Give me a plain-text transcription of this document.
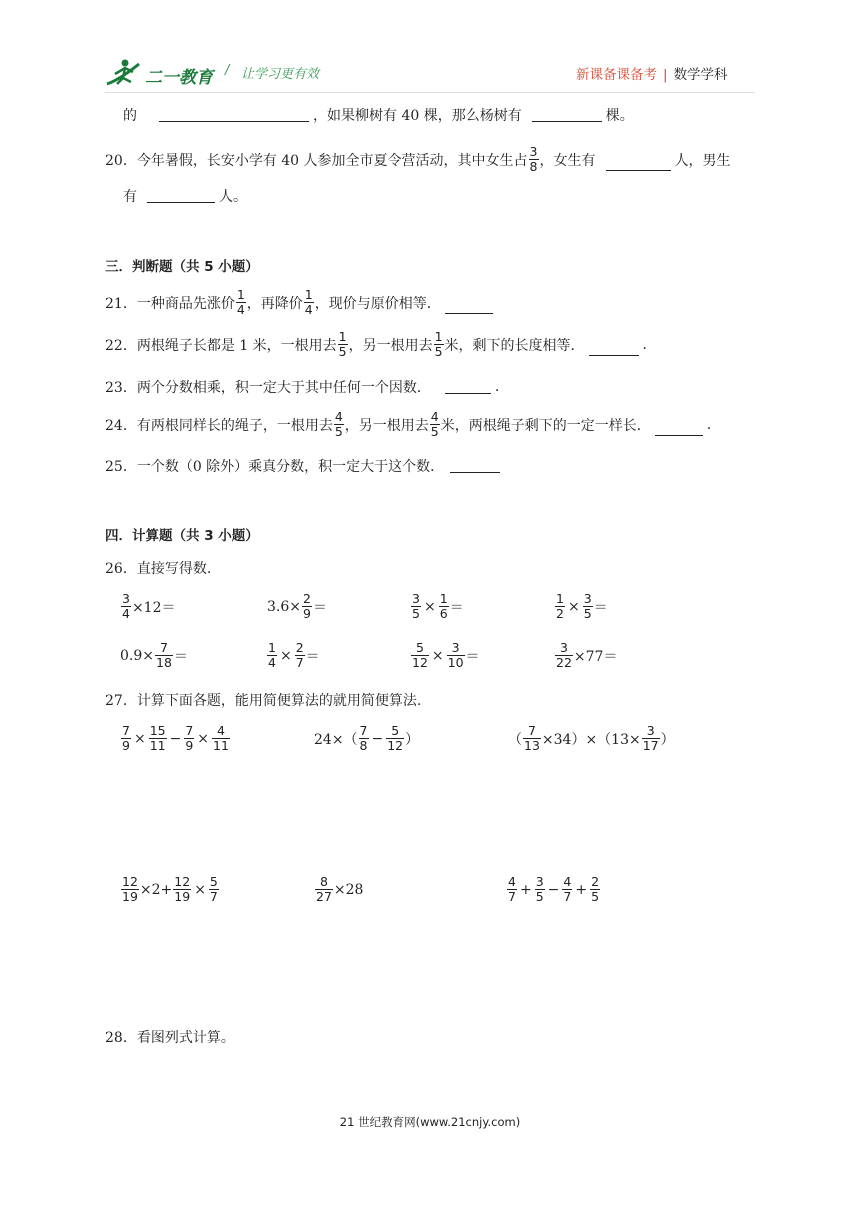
二一教育 / 让学习更有效	新课备课备考 | 数学学科
的	，如果柳树有 40 棵，那么杨树有	棵。
20． 今年暑假，长安小学有 40 人参加全市夏令营活动，其中女生占 $\frac{3}{8}$ ，女生有	人，男生
有	人。
三．判断题（共 5 小题）
21． 一种商品先涨价 $\frac{1}{4}$ ，再降价 $\frac{1}{4}$ ，现价与原价相等．
22． 两根绳子长都是 1 米，一根用去 $\frac{1}{5}$ ，另一根用去 $\frac{1}{5}$ 米，剩下的长度相等．	.
23． 两个分数相乘，积一定大于其中任何一个因数．	.
24． 有两根同样长的绳子，一根用去 $\frac{4}{5}$ ，另一根用去 $\frac{4}{5}$ 米，两根绳子剩下的一定一样长．	.
25． 一个数（0 除外）乘真分数，积一定大于这个数．
四．计算题（共 3 小题）
26． 直接写得数.
$\frac{3}{4} \times 12=$	$3.6\times \frac{2}{9}$ ＝	$\frac{3}{5} \times \frac{1}{6}$ ＝	$\frac{1}{2} \times \frac{3}{5}$ ＝
$0.9\times \frac{7}{18}$ ＝	$\frac{1}{4} \times \frac{2}{7}$ ＝	$\frac{5}{12} \times \frac{3}{10}$ ＝	$\frac{3}{22} \times 77=$
27． 计算下面各题，能用简便算法的就用简便算法.
$\frac{7}{9} \times \frac{15}{11} - \frac{7}{9} \times \frac{4}{11}$	$24\times( \frac{7}{8} - \frac{5}{12}$ ）	（ $\frac{7}{13} \times 34)\times(13\times \frac{3}{17}$ ）
$\frac{12}{19} \times 2+ \frac{12}{19} \times \frac{5}{7}$	$\frac{8}{27} \times 28$	$\frac{4}{7} + \frac{3}{5} - \frac{4}{7} + \frac{2}{5}$
28． 看图列式计算。
21 世纪教育网(www.21cnjy.com)
